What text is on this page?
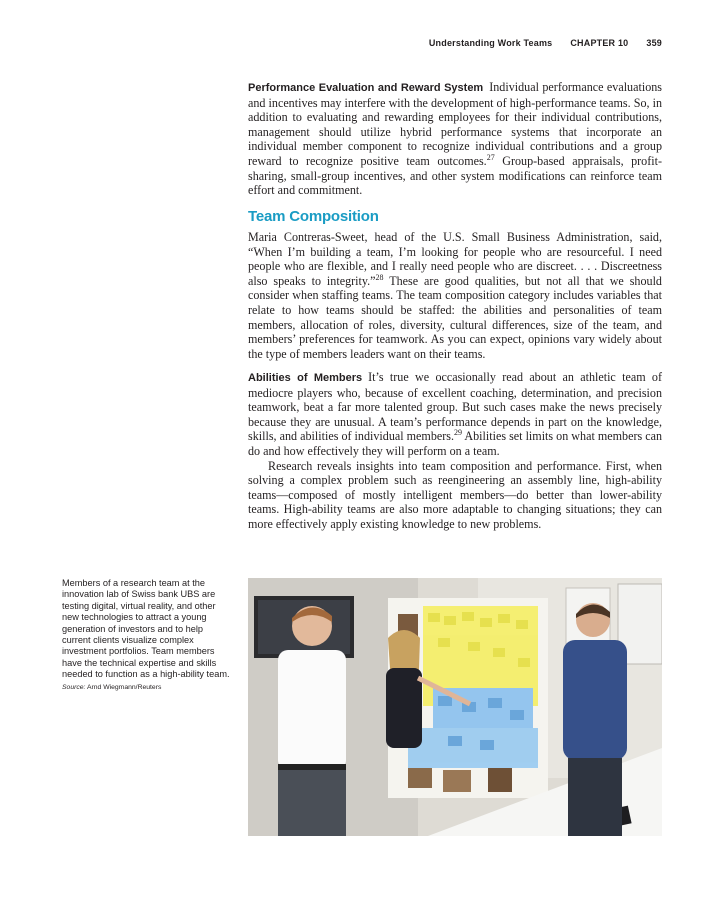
Understanding Work Teams CHAPTER 10 359

Performance Evaluation and Reward System Individual performance evaluations and incentives may interfere with the development of high-performance teams. So, in addition to evaluating and rewarding employees for their individual contributions, management should utilize hybrid performance systems that incorporate an individual member component to recognize individual contributions and a group reward to recognize positive team outcomes.$^{27}$ Group-based appraisals, profit-sharing, small-group incentives, and other system modifications can reinforce team effort and commitment.

Team Composition

Maria Contreras-Sweet, head of the U.S. Small Business Administration, said, “When I’m building a team, I’m looking for people who are resourceful. I need people who are flexible, and I really need people who are discreet. . . . Discreetness also speaks to integrity.”$^{28}$ These are good qualities, but not all that we should consider when staffing teams. The team composition category includes variables that relate to how teams should be staffed: the abilities and personalities of team members, allocation of roles, diversity, cultural differences, size of the team, and members’ preferences for teamwork. As you can expect, opinions vary widely about the type of members leaders want on their teams.

Abilities of Members It’s true we occasionally read about an athletic team of mediocre players who, because of excellent coaching, determination, and precision teamwork, beat a far more talented group. But such cases make the news precisely because they are unusual. A team’s performance depends in part on the knowledge, skills, and abilities of individual members.$^{29}$ Abilities set limits on what members can do and how effectively they will perform on a team.

Research reveals insights into team composition and performance. First, when solving a complex problem such as reengineering an assembly line, high-ability teams—composed of mostly intelligent members—do better than lower-ability teams. High-ability teams are also more adaptable to changing situations; they can more effectively apply existing knowledge to new problems.

Members of a research team at the innovation lab of Swiss bank UBS are testing digital, virtual reality, and other new technologies to attract a young generation of investors and to help current clients visualize complex investment portfolios. Team members have the technical expertise and skills needed to function as a high-ability team.

Source: Arnd Wiegmann/Reuters
